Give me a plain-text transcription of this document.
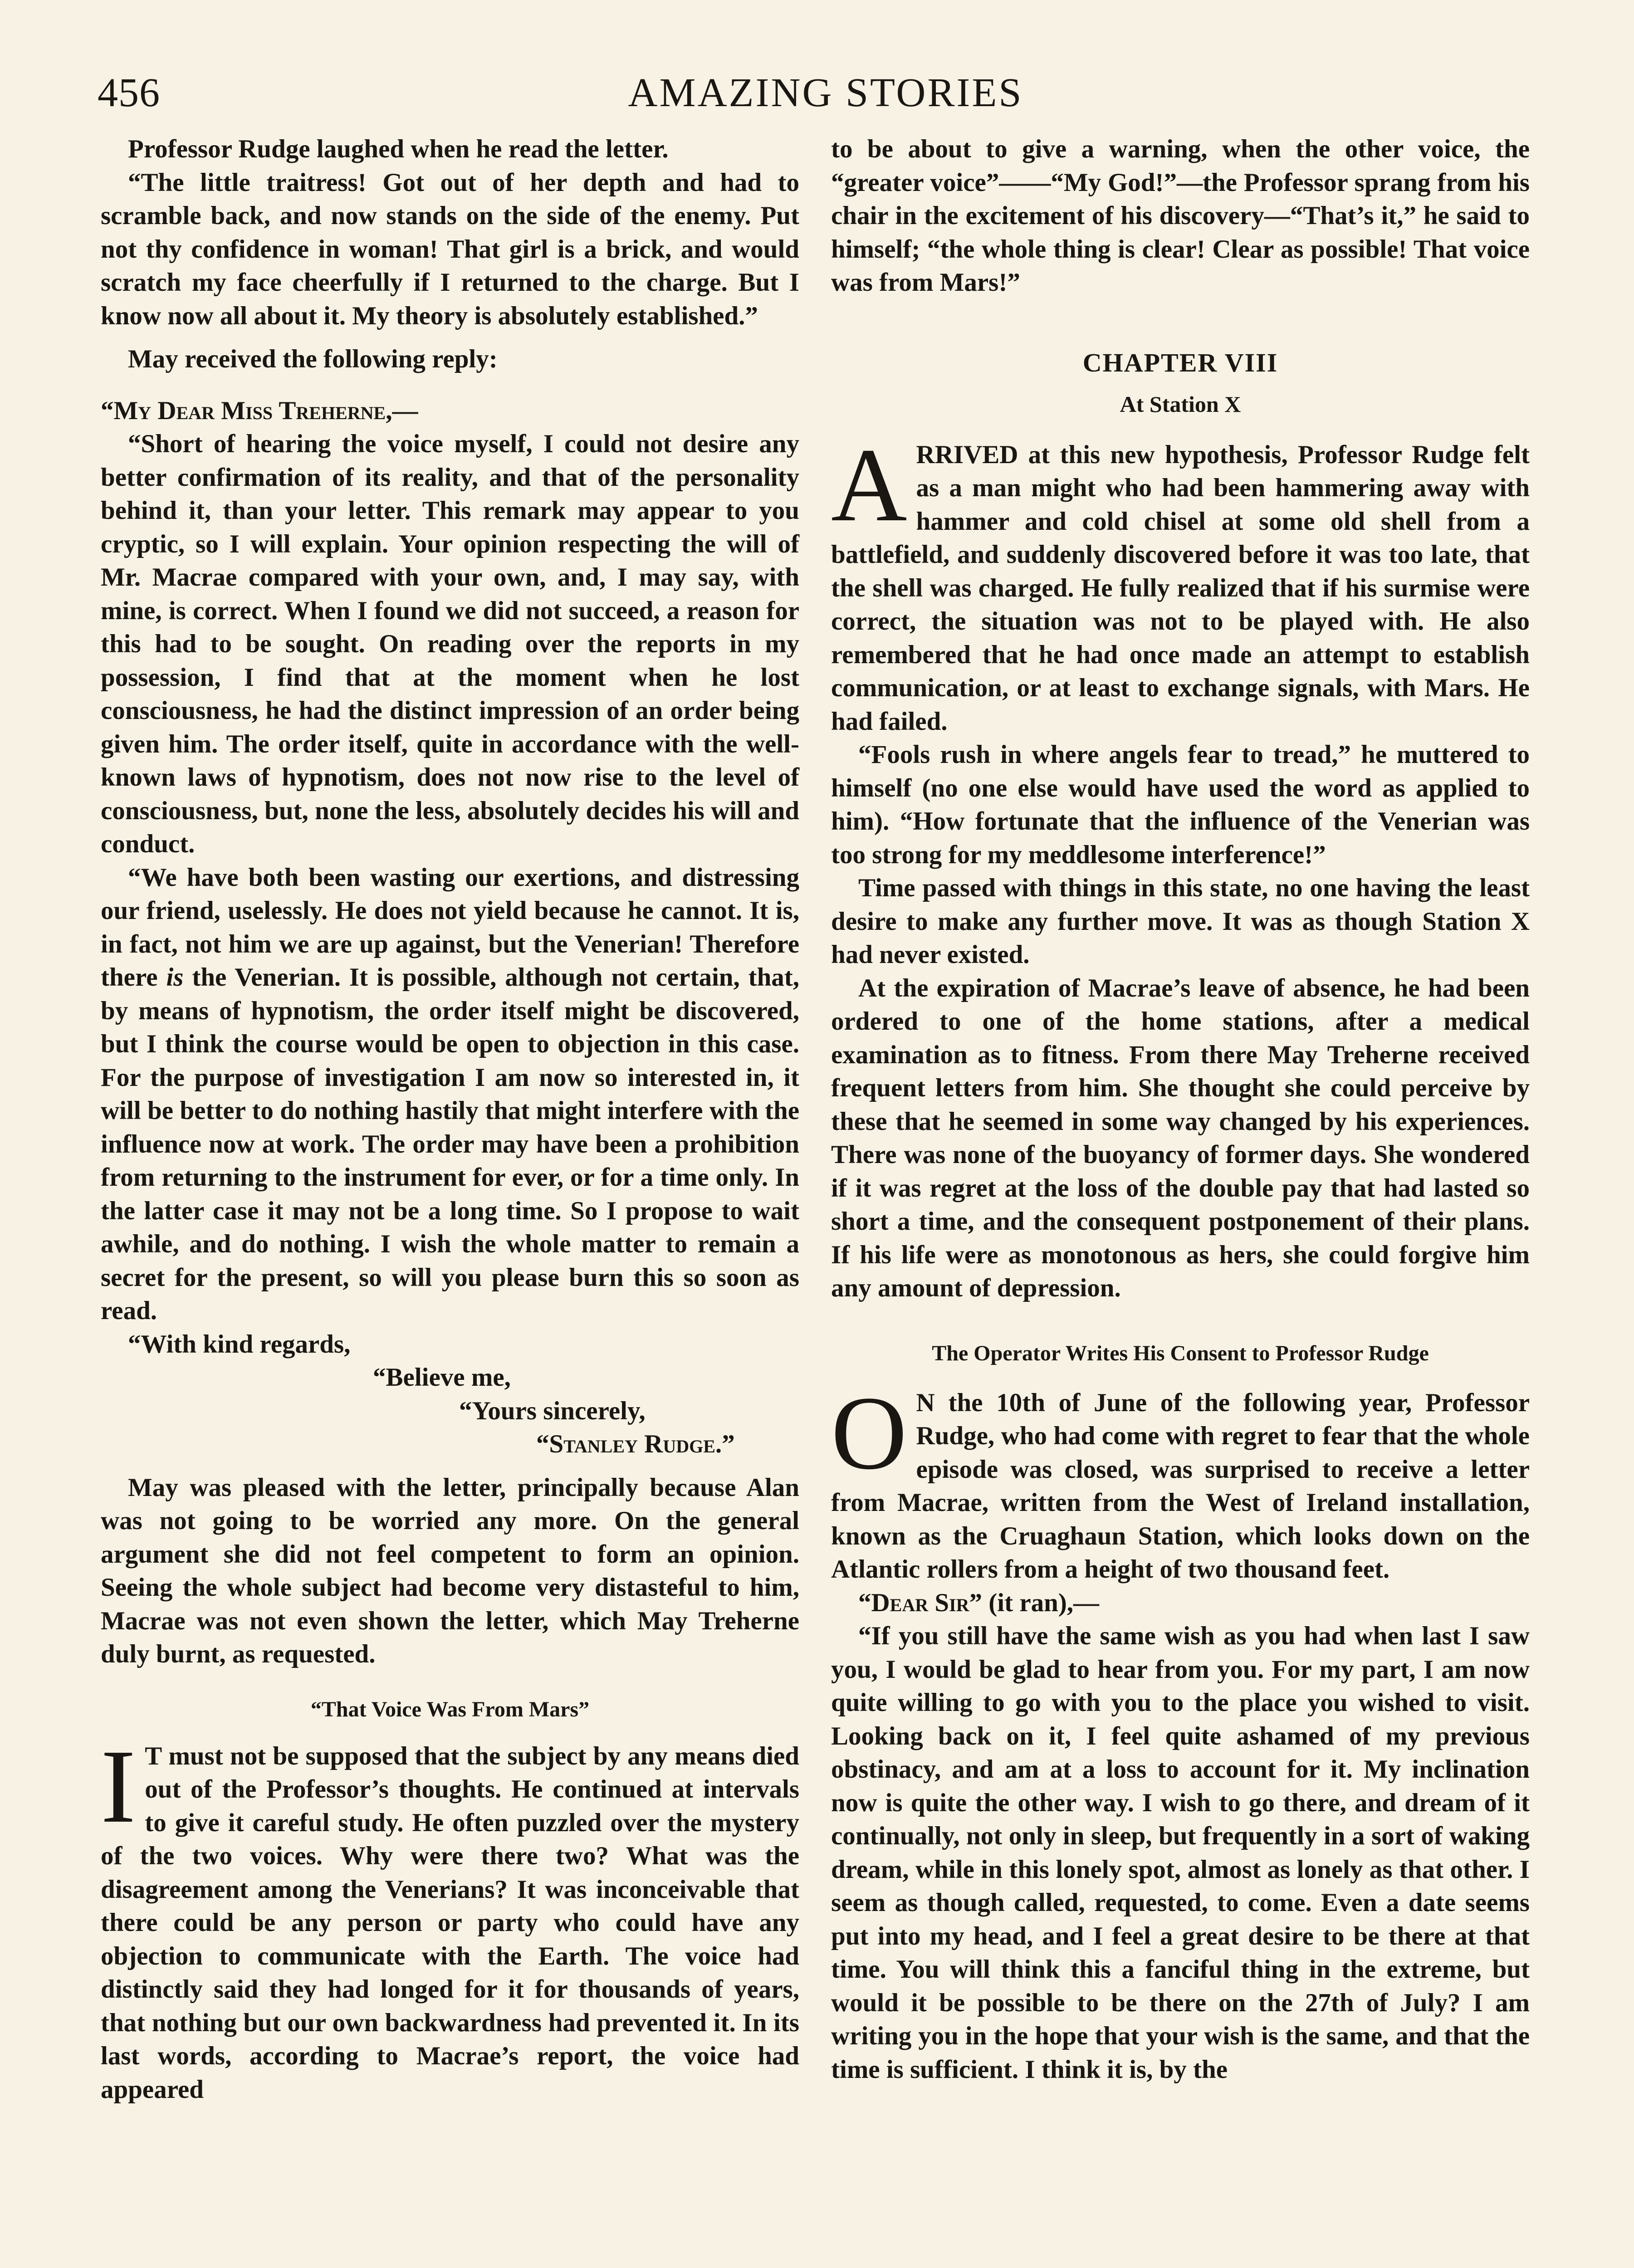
456	AMAZING STORIES

Professor Rudge laughed when he read the letter.

“The little traitress! Got out of her depth and had to scramble back, and now stands on the side of the enemy. Put not thy confidence in woman! That girl is a brick, and would scratch my face cheerfully if I returned to the charge. But I know now all about it. My theory is absolutely established.”

May received the following reply:

“My Dear Miss Treherne,—

“Short of hearing the voice myself, I could not desire any better confirmation of its reality, and that of the personality behind it, than your letter. This remark may appear to you cryptic, so I will explain. Your opinion respecting the will of Mr. Macrae compared with your own, and, I may say, with mine, is correct. When I found we did not succeed, a reason for this had to be sought. On reading over the reports in my possession, I find that at the moment when he lost consciousness, he had the distinct impression of an order being given him. The order itself, quite in accordance with the well-known laws of hypnotism, does not now rise to the level of consciousness, but, none the less, absolutely decides his will and conduct.

“We have both been wasting our exertions, and distressing our friend, uselessly. He does not yield because he cannot. It is, in fact, not him we are up against, but the Venerian! Therefore there is the Venerian. It is possible, although not certain, that, by means of hypnotism, the order itself might be discovered, but I think the course would be open to objection in this case. For the purpose of investigation I am now so interested in, it will be better to do nothing hastily that might interfere with the influence now at work. The order may have been a prohibition from returning to the instrument for ever, or for a time only. In the latter case it may not be a long time. So I propose to wait awhile, and do nothing. I wish the whole matter to remain a secret for the present, so will you please burn this so soon as read.

“With kind regards,

“Believe me,

“Yours sincerely,

“Stanley Rudge.”

May was pleased with the letter, principally because Alan was not going to be worried any more. On the general argument she did not feel competent to form an opinion. Seeing the whole subject had become very distasteful to him, Macrae was not even shown the letter, which May Treherne duly burnt, as requested.

“That Voice Was From Mars”

I T must not be supposed that the subject by any means died out of the Professor’s thoughts. He continued at intervals to give it careful study. He often puzzled over the mystery of the two voices. Why were there two? What was the disagreement among the Venerians? It was inconceivable that there could be any person or party who could have any objection to communicate with the Earth. The voice had distinctly said they had longed for it for thousands of years, that nothing but our own backwardness had prevented it. In its last words, according to Macrae’s report, the voice had appeared

to be about to give a warning, when the other voice, the “greater voice”——“My God!”—the Professor sprang from his chair in the excitement of his discovery—“That’s it,” he said to himself; “the whole thing is clear! Clear as possible! That voice was from Mars!”

CHAPTER VIII
At Station X

ARRIVED at this new hypothesis, Professor Rudge felt as a man might who had been hammering away with hammer and cold chisel at some old shell from a battlefield, and suddenly discovered before it was too late, that the shell was charged. He fully realized that if his surmise were correct, the situation was not to be played with. He also remembered that he had once made an attempt to establish communication, or at least to exchange signals, with Mars. He had failed.

“Fools rush in where angels fear to tread,” he muttered to himself (no one else would have used the word as applied to him). “How fortunate that the influence of the Venerian was too strong for my meddlesome interference!”

Time passed with things in this state, no one having the least desire to make any further move. It was as though Station X had never existed.

At the expiration of Macrae’s leave of absence, he had been ordered to one of the home stations, after a medical examination as to fitness. From there May Treherne received frequent letters from him. She thought she could perceive by these that he seemed in some way changed by his experiences. There was none of the buoyancy of former days. She wondered if it was regret at the loss of the double pay that had lasted so short a time, and the consequent postponement of their plans. If his life were as monotonous as hers, she could forgive him any amount of depression.

The Operator Writes His Consent to Professor Rudge

O N the 10th of June of the following year, Professor Rudge, who had come with regret to fear that the whole episode was closed, was surprised to receive a letter from Macrae, written from the West of Ireland installation, known as the Cruaghaun Station, which looks down on the Atlantic rollers from a height of two thousand feet.

“Dear Sir” (it ran),—

“If you still have the same wish as you had when last I saw you, I would be glad to hear from you. For my part, I am now quite willing to go with you to the place you wished to visit. Looking back on it, I feel quite ashamed of my previous obstinacy, and am at a loss to account for it. My inclination now is quite the other way. I wish to go there, and dream of it continually, not only in sleep, but frequently in a sort of waking dream, while in this lonely spot, almost as lonely as that other. I seem as though called, requested, to come. Even a date seems put into my head, and I feel a great desire to be there at that time. You will think this a fanciful thing in the extreme, but would it be possible to be there on the 27th of July? I am writing you in the hope that your wish is the same, and that the time is sufficient. I think it is, by the
